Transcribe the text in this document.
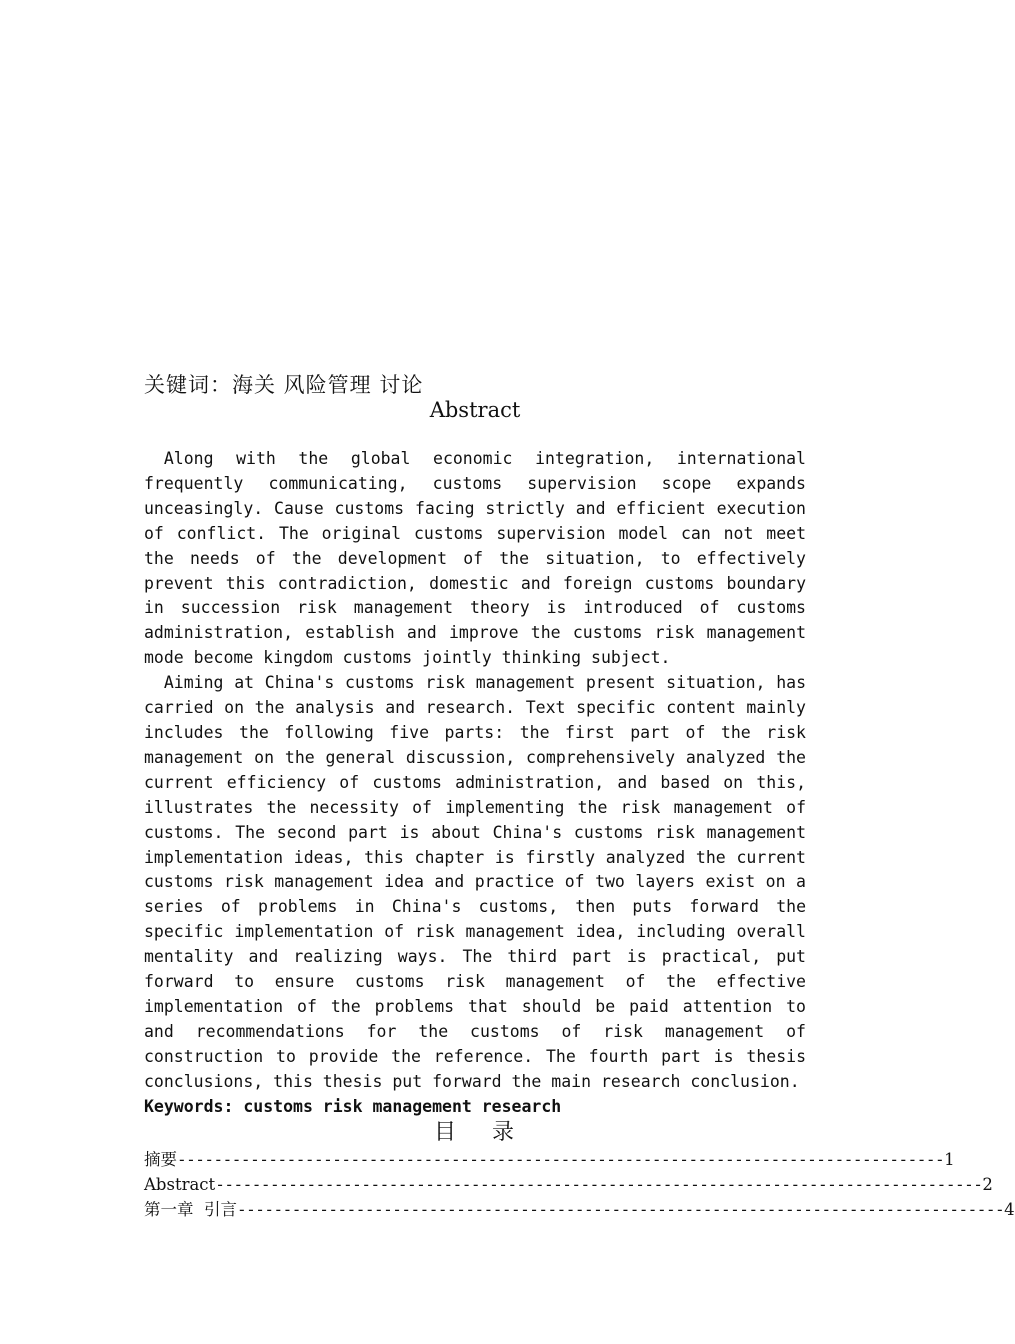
关键词：海关 风险管理 讨论
Abstract

Along with the global economic integration, international frequently communicating, customs supervision scope expands unceasingly. Cause customs facing strictly and efficient execution of conflict. The original customs supervision model can not meet the needs of the development of the situation, to effectively prevent this contradiction, domestic and foreign customs boundary in succession risk management theory is introduced of customs administration, establish and improve the customs risk management mode become kingdom customs jointly thinking subject.

Aiming at China's customs risk management present situation, has carried on the analysis and research. Text specific content mainly includes the following five parts: the first part of the risk management on the general discussion, comprehensively analyzed the current efficiency of customs administration, and based on this, illustrates the necessity of implementing the risk management of customs. The second part is about China's customs risk management implementation ideas, this chapter is firstly analyzed the current customs risk management idea and practice of two layers exist on a series of problems in China's customs, then puts forward the specific implementation of risk management idea, including overall mentality and realizing ways. The third part is practical, put forward to ensure customs risk management of the effective implementation of the problems that should be paid attention to and recommendations for the customs of risk management of construction to provide the reference. The fourth part is thesis conclusions, this thesis put forward the main research conclusion.

Keywords: customs risk management research
目 录
摘要 ------------------------------------------------------------------------------------ 1
Abstract ------------------------------------------------------------------------------------ 2
第一章  引言 ------------------------------------------------------------------------------------ 4
